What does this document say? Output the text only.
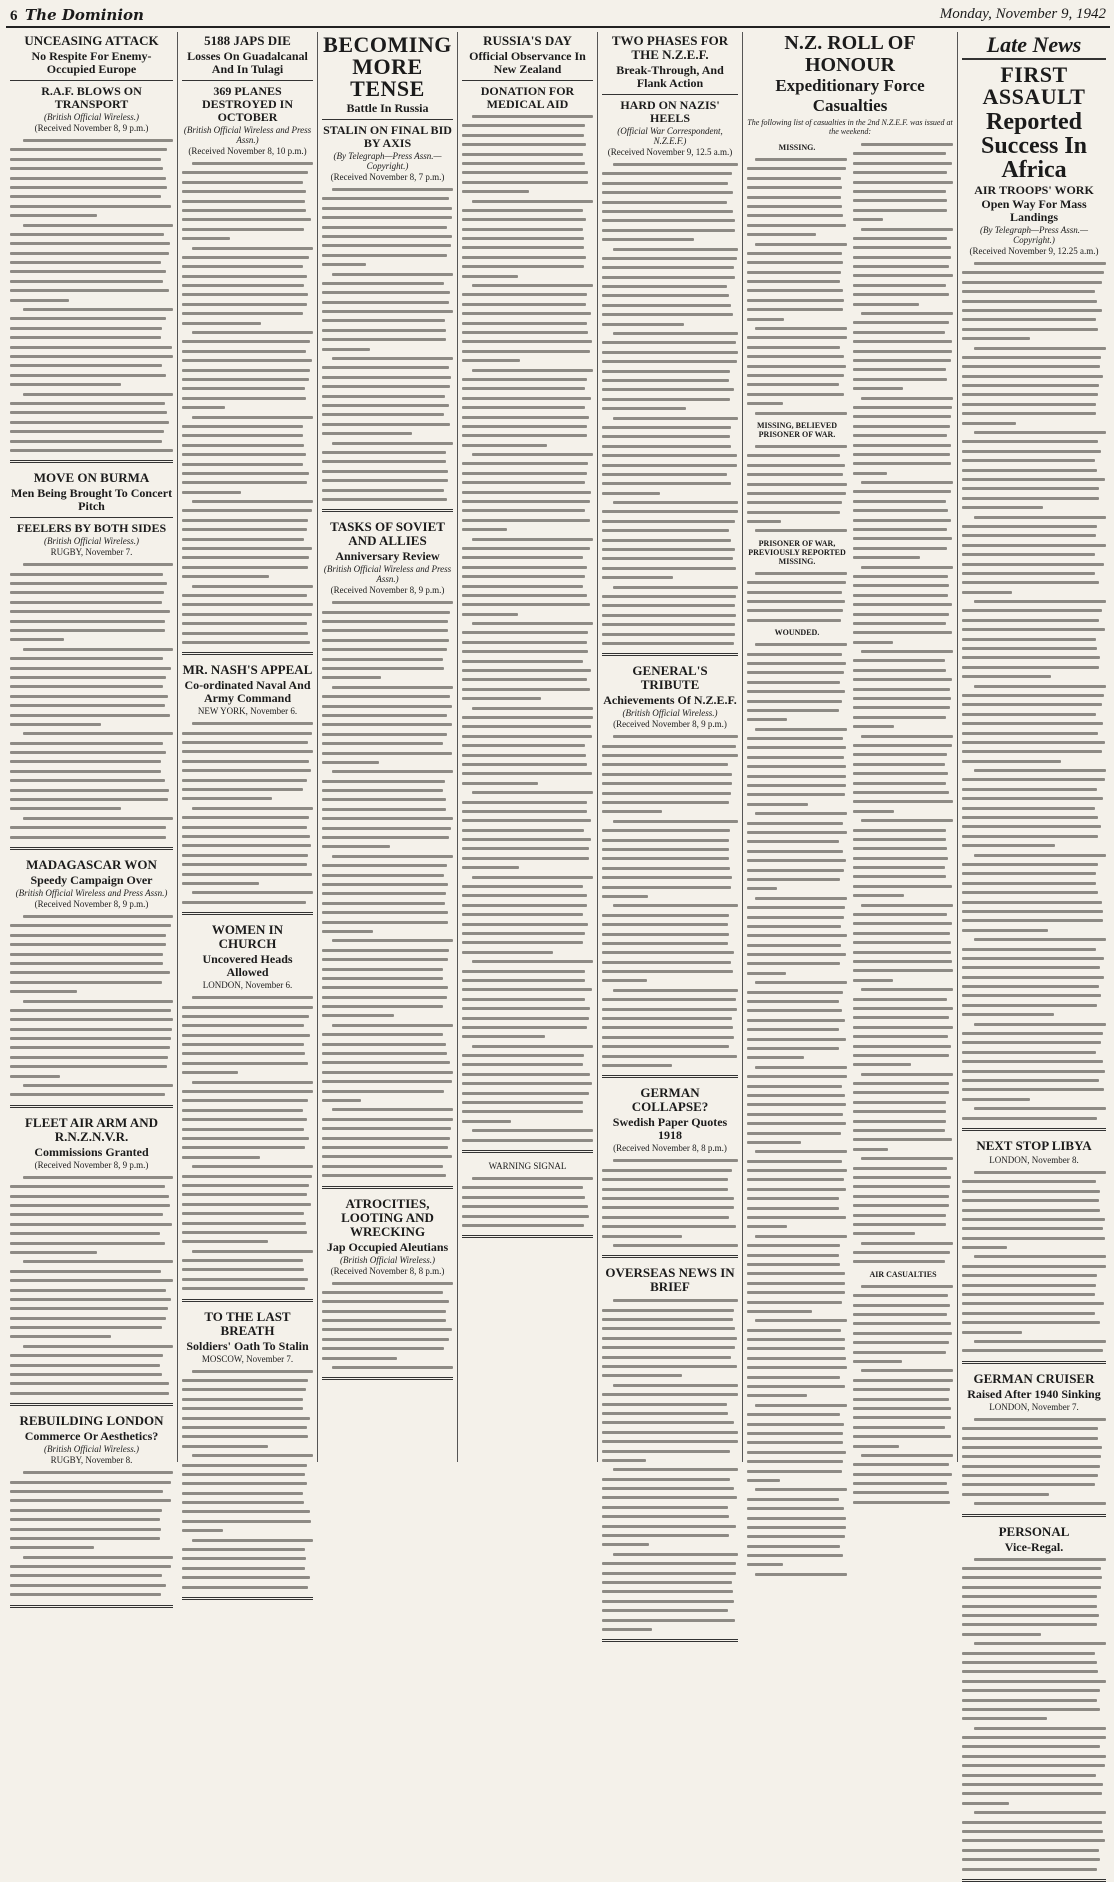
6 The Dominion	Monday, November 9, 1942
UNCEASING ATTACK
No Respite For Enemy-Occupied Europe
R.A.F. BLOWS ON TRANSPORT
(British Official Wireless.)
(Received November 8, 9 p.m.)
MOVE ON BURMA
Men Being Brought To Concert Pitch
FEELERS BY BOTH SIDES
(British Official Wireless.)
RUGBY, November 7.
MADAGASCAR WON
Speedy Campaign Over
(British Official Wireless and Press Assn.)
(Received November 8, 9 p.m.)
FLEET AIR ARM AND R.N.Z.N.V.R.
Commissions Granted
(Received November 8, 9 p.m.)
REBUILDING LONDON
Commerce Or Aesthetics?
(British Official Wireless.)
RUGBY, November 8.
5188 JAPS DIE
Losses On Guadalcanal And In Tulagi
369 PLANES DESTROYED IN OCTOBER
(British Official Wireless and Press Assn.)
(Received November 8, 10 p.m.)
MR. NASH'S APPEAL
Co-ordinated Naval And Army Command
NEW YORK, November 6.
WOMEN IN CHURCH
Uncovered Heads Allowed
LONDON, November 6.
TO THE LAST BREATH
Soldiers' Oath To Stalin
MOSCOW, November 7.
BECOMING MORE TENSE
Battle In Russia
STALIN ON FINAL BID BY AXIS
(By Telegraph—Press Assn.—Copyright.)
(Received November 8, 7 p.m.)
TASKS OF SOVIET AND ALLIES
Anniversary Review
(British Official Wireless and Press Assn.)
(Received November 8, 9 p.m.)
ATROCITIES, LOOTING AND WRECKING
Jap Occupied Aleutians
(British Official Wireless.)
(Received November 8, 8 p.m.)
RUSSIA'S DAY
Official Observance In New Zealand
DONATION FOR MEDICAL AID
WARNING SIGNAL
TWO PHASES FOR THE N.Z.E.F.
Break-Through, And Flank Action
HARD ON NAZIS' HEELS
(Official War Correspondent, N.Z.E.F.)
(Received November 9, 12.5 a.m.)
GENERAL'S TRIBUTE
Achievements Of N.Z.E.F.
(British Official Wireless.)
(Received November 8, 9 p.m.)
GERMAN COLLAPSE?
Swedish Paper Quotes 1918
(Received November 8, 8 p.m.)
OVERSEAS NEWS IN BRIEF
N.Z. ROLL OF HONOUR
Expeditionary Force Casualties
The following list of casualties in the 2nd N.Z.E.F. was issued at the weekend:
MISSING.
MISSING, BELIEVED PRISONER OF WAR.
PRISONER OF WAR, PREVIOUSLY REPORTED MISSING.
WOUNDED.
AIR CASUALTIES
Late News
FIRST ASSAULT
Reported Success In Africa
AIR TROOPS' WORK
Open Way For Mass Landings
(By Telegraph—Press Assn.—Copyright.)
(Received November 9, 12.25 a.m.)
NEXT STOP LIBYA
LONDON, November 8.
GERMAN CRUISER
Raised After 1940 Sinking
LONDON, November 7.
PERSONAL
Vice-Regal.
